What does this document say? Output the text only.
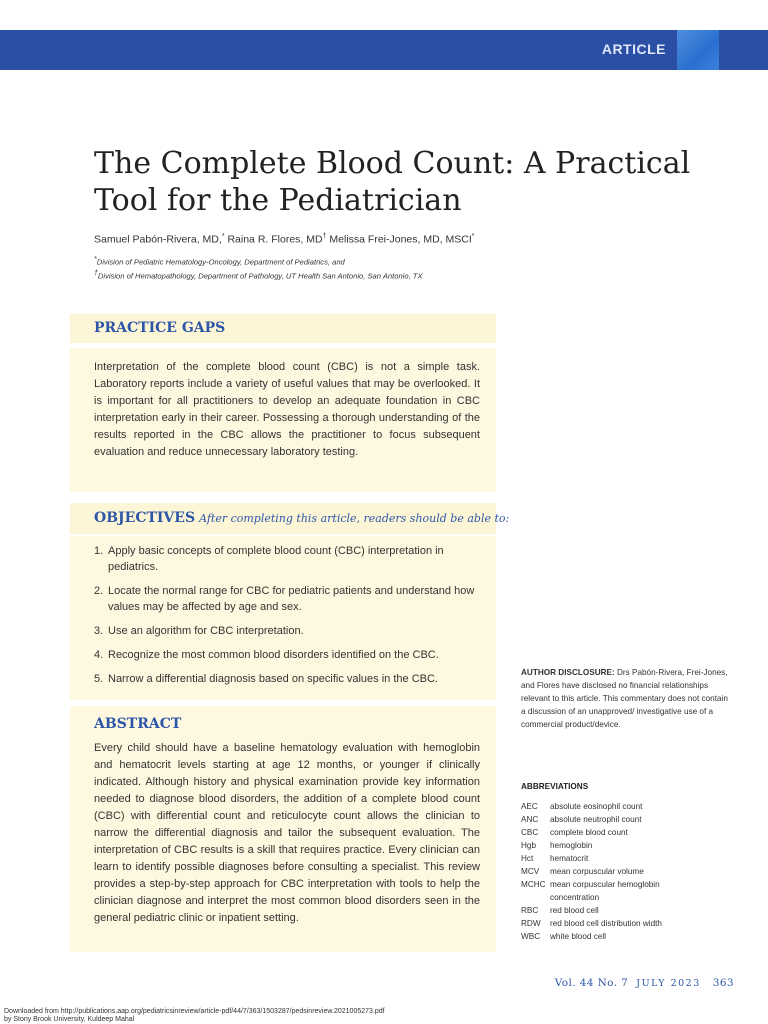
ARTICLE
The Complete Blood Count: A Practical Tool for the Pediatrician
Samuel Pabón-Rivera, MD,* Raina R. Flores, MD† Melissa Frei-Jones, MD, MSCI*
*Division of Pediatric Hematology-Oncology, Department of Pediatrics, and
†Division of Hematopathology, Department of Pathology, UT Health San Antonio, San Antonio, TX
PRACTICE GAPS
Interpretation of the complete blood count (CBC) is not a simple task. Laboratory reports include a variety of useful values that may be overlooked. It is important for all practitioners to develop an adequate foundation in CBC interpretation early in their career. Possessing a thorough understanding of the results reported in the CBC allows the practitioner to focus subsequent evaluation and reduce unnecessary laboratory testing.
OBJECTIVES After completing this article, readers should be able to:
1. Apply basic concepts of complete blood count (CBC) interpretation in pediatrics.
2. Locate the normal range for CBC for pediatric patients and understand how values may be affected by age and sex.
3. Use an algorithm for CBC interpretation.
4. Recognize the most common blood disorders identified on the CBC.
5. Narrow a differential diagnosis based on specific values in the CBC.
ABSTRACT
Every child should have a baseline hematology evaluation with hemoglobin and hematocrit levels starting at age 12 months, or younger if clinically indicated. Although history and physical examination provide key information needed to diagnose blood disorders, the addition of a complete blood count (CBC) with differential count and reticulocyte count allows the clinician to narrow the differential diagnosis and tailor the subsequent evaluation. The interpretation of CBC results is a skill that requires practice. Every clinician can learn to identify possible diagnoses before consulting a specialist. This review provides a step-by-step approach for CBC interpretation with tools to help the clinician diagnose and interpret the most common blood disorders seen in the general pediatric clinic or inpatient setting.
AUTHOR DISCLOSURE: Drs Pabón-Rivera, Frei-Jones, and Flores have disclosed no financial relationships relevant to this article. This commentary does not contain a discussion of an unapproved/ investigative use of a commercial product/device.
ABBREVIATIONS
AEC	absolute eosinophil count
ANC	absolute neutrophil count
CBC	complete blood count
Hgb	hemoglobin
Hct	hematocrit
MCV	mean corpuscular volume
MCHC mean corpuscular hemoglobin concentration
RBC	red blood cell
RDW	red blood cell distribution width
WBC	white blood cell
Vol. 44 No. 7 JULY 2023 363
Downloaded from http://publications.aap.org/pediatricsinreview/article-pdf/44/7/363/1503287/pedsinreview.2021005273.pdf
by Stony Brook University, Kuldeep Mahal
